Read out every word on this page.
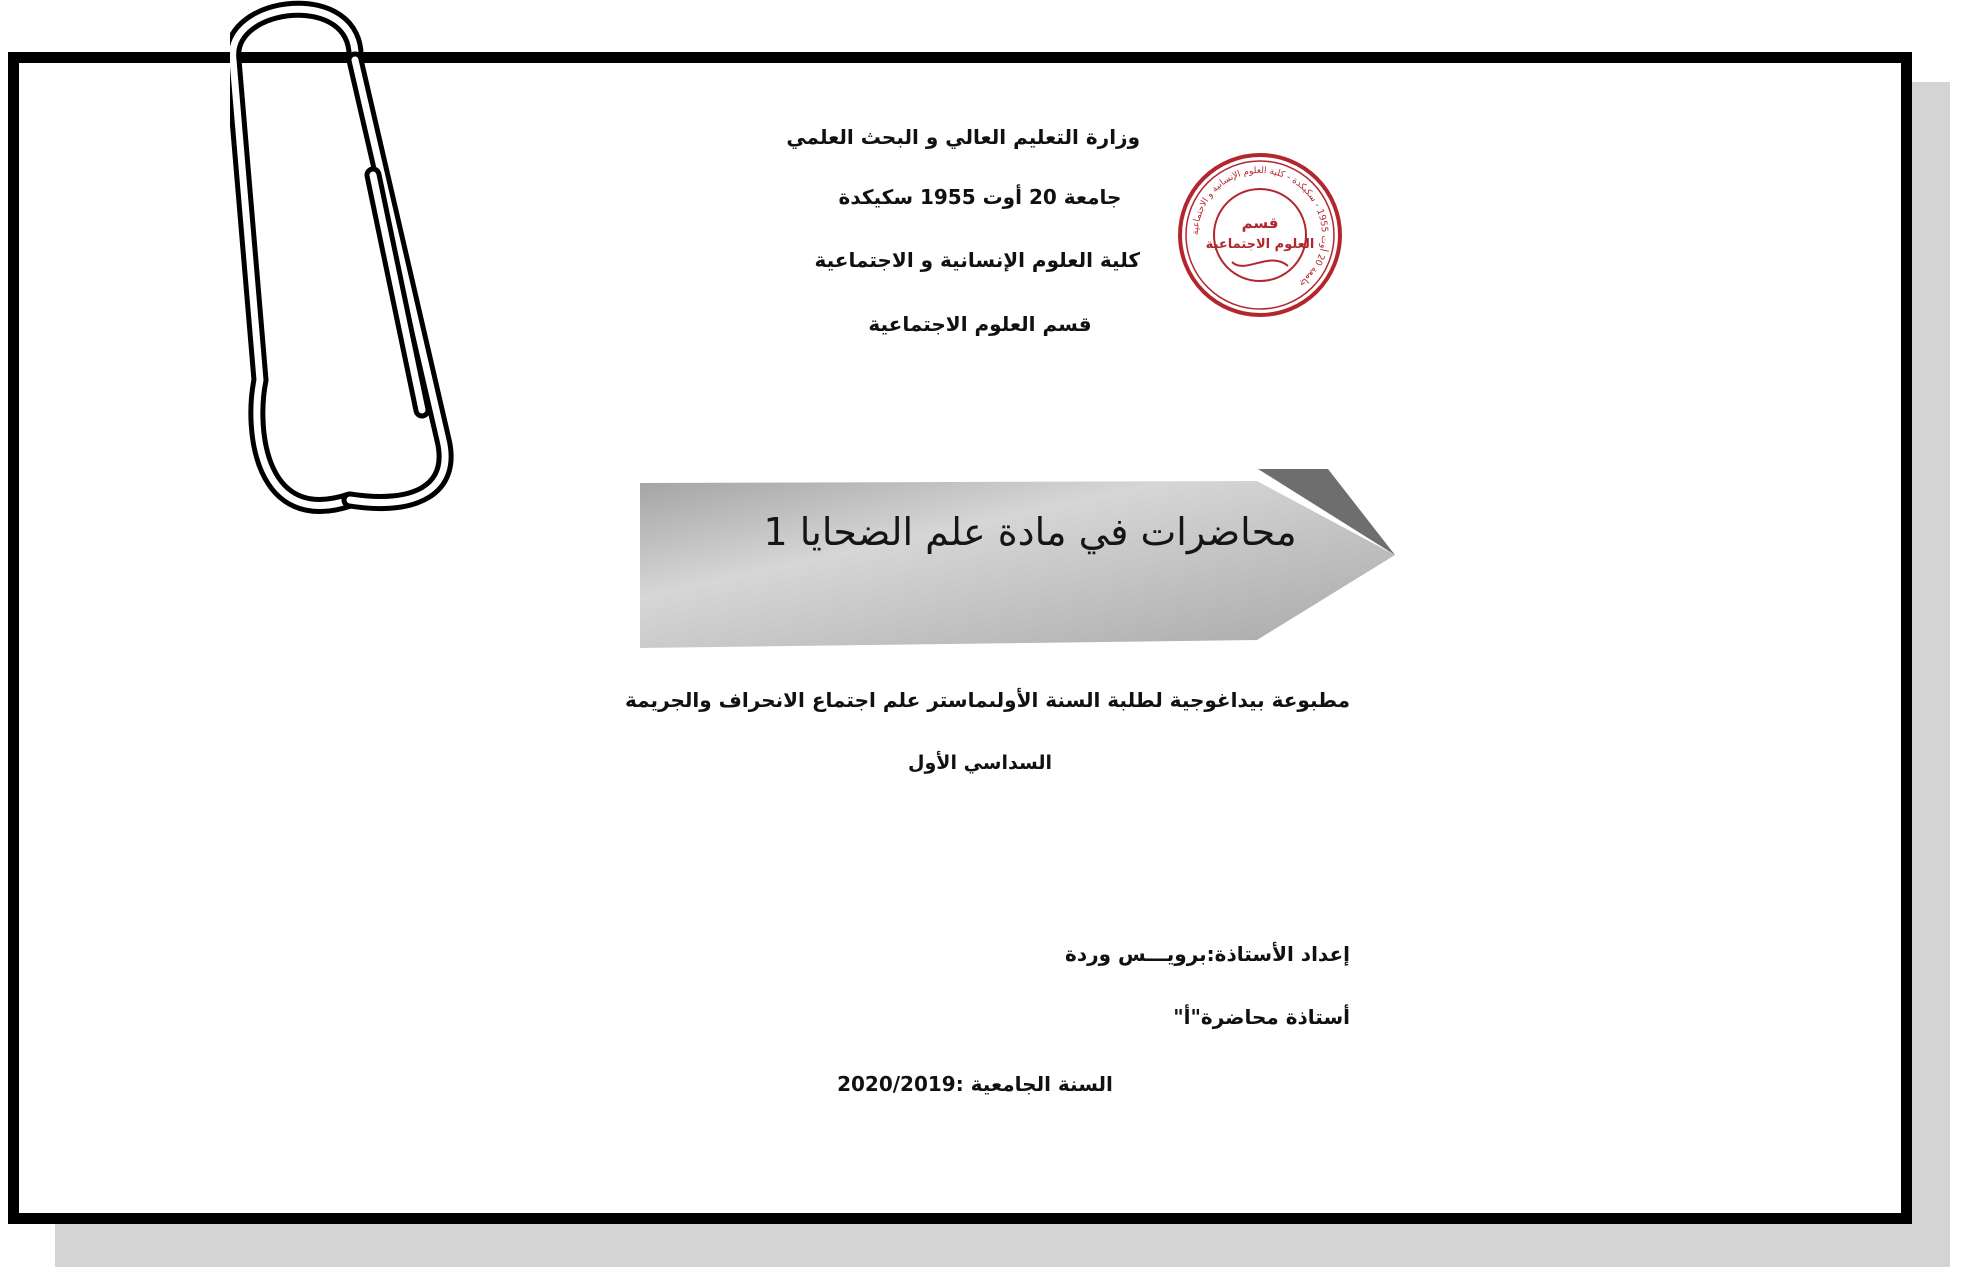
وزارة التعليم العالي و البحث العلمي

جامعة 20 أوت 1955 سكيكدة

كلية العلوم الإنسانية و الاجتماعية

قسم العلوم الاجتماعية

جامعة 20 أوت 1955 - سكيكدة - كلية العلوم الإنسانية و الاجتماعية
قسم
العلوم الاجتماعية

محاضرات في مادة علم الضحايا 1

مطبوعة بيداغوجية لطلبة السنة الأولىماستر علم اجتماع الانحراف والجريمة

السداسي الأول

إعداد الأستاذة:برويـــس وردة

أستاذة محاضرة"أ"

السنة الجامعية :2020/2019
